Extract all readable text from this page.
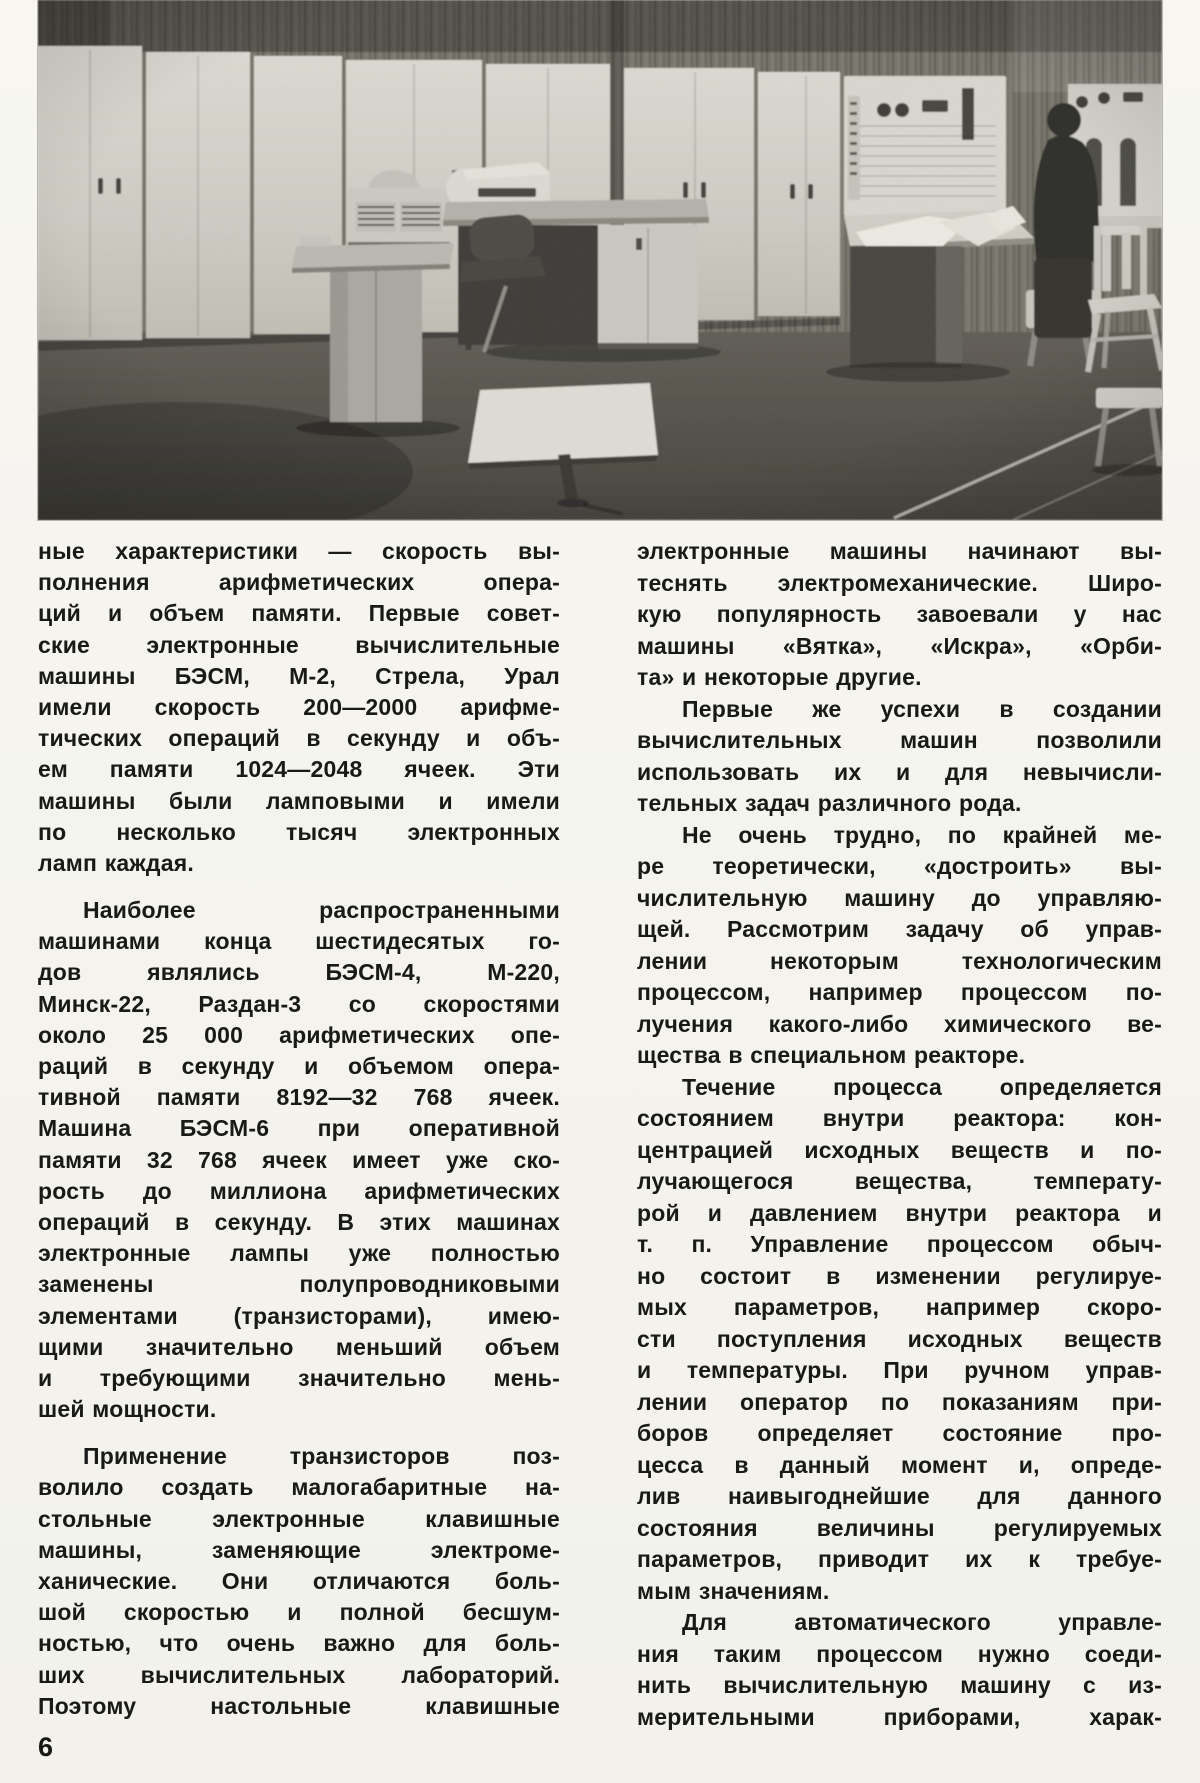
ные характеристики — скорость вы-
полнения арифметических опера-
ций и объем памяти. Первые совет-
ские электронные вычислительные
машины БЭСМ, М-2, Стрела, Урал
имели скорость 200—2000 арифме-
тических операций в секунду и объ-
ем памяти 1024—2048 ячеек. Эти
машины были ламповыми и имели
по несколько тысяч электронных
ламп каждая.
Наиболее распространенными
машинами конца шестидесятых го-
дов являлись БЭСМ-4, М-220,
Минск-22, Раздан-3 со скоростями
около 25 000 арифметических опе-
раций в секунду и объемом опера-
тивной памяти 8192—32 768 ячеек.
Машина БЭСМ-6 при оперативной
памяти 32 768 ячеек имеет уже ско-
рость до миллиона арифметических
операций в секунду. В этих машинах
электронные лампы уже полностью
заменены полупроводниковыми
элементами (транзисторами), имею-
щими значительно меньший объем
и требующими значительно мень-
шей мощности.
Применение транзисторов поз-
волило создать малогабаритные на-
стольные электронные клавишные
машины, заменяющие электроме-
ханические. Они отличаются боль-
шой скоростью и полной бесшум-
ностью, что очень важно для боль-
ших вычислительных лабораторий.
Поэтому настольные клавишные
электронные машины начинают вы-
теснять электромеханические. Широ-
кую популярность завоевали у нас
машины «Вятка», «Искра», «Орби-
та» и некоторые другие.
Первые же успехи в создании
вычислительных машин позволили
использовать их и для невычисли-
тельных задач различного рода.
Не очень трудно, по крайней ме-
ре теоретически, «достроить» вы-
числительную машину до управляю-
щей. Рассмотрим задачу об управ-
лении некоторым технологическим
процессом, например процессом по-
лучения какого-либо химического ве-
щества в специальном реакторе.
Течение процесса определяется
состоянием внутри реактора: кон-
центрацией исходных веществ и по-
лучающегося вещества, температу-
рой и давлением внутри реактора и
т. п. Управление процессом обыч-
но состоит в изменении регулируе-
мых параметров, например скоро-
сти поступления исходных веществ
и температуры. При ручном управ-
лении оператор по показаниям при-
боров определяет состояние про-
цесса в данный момент и, опреде-
лив наивыгоднейшие для данного
состояния величины регулируемых
параметров, приводит их к требуе-
мым значениям.
Для автоматического управле-
ния таким процессом нужно соеди-
нить вычислительную машину с из-
мерительными приборами, харак-
6
